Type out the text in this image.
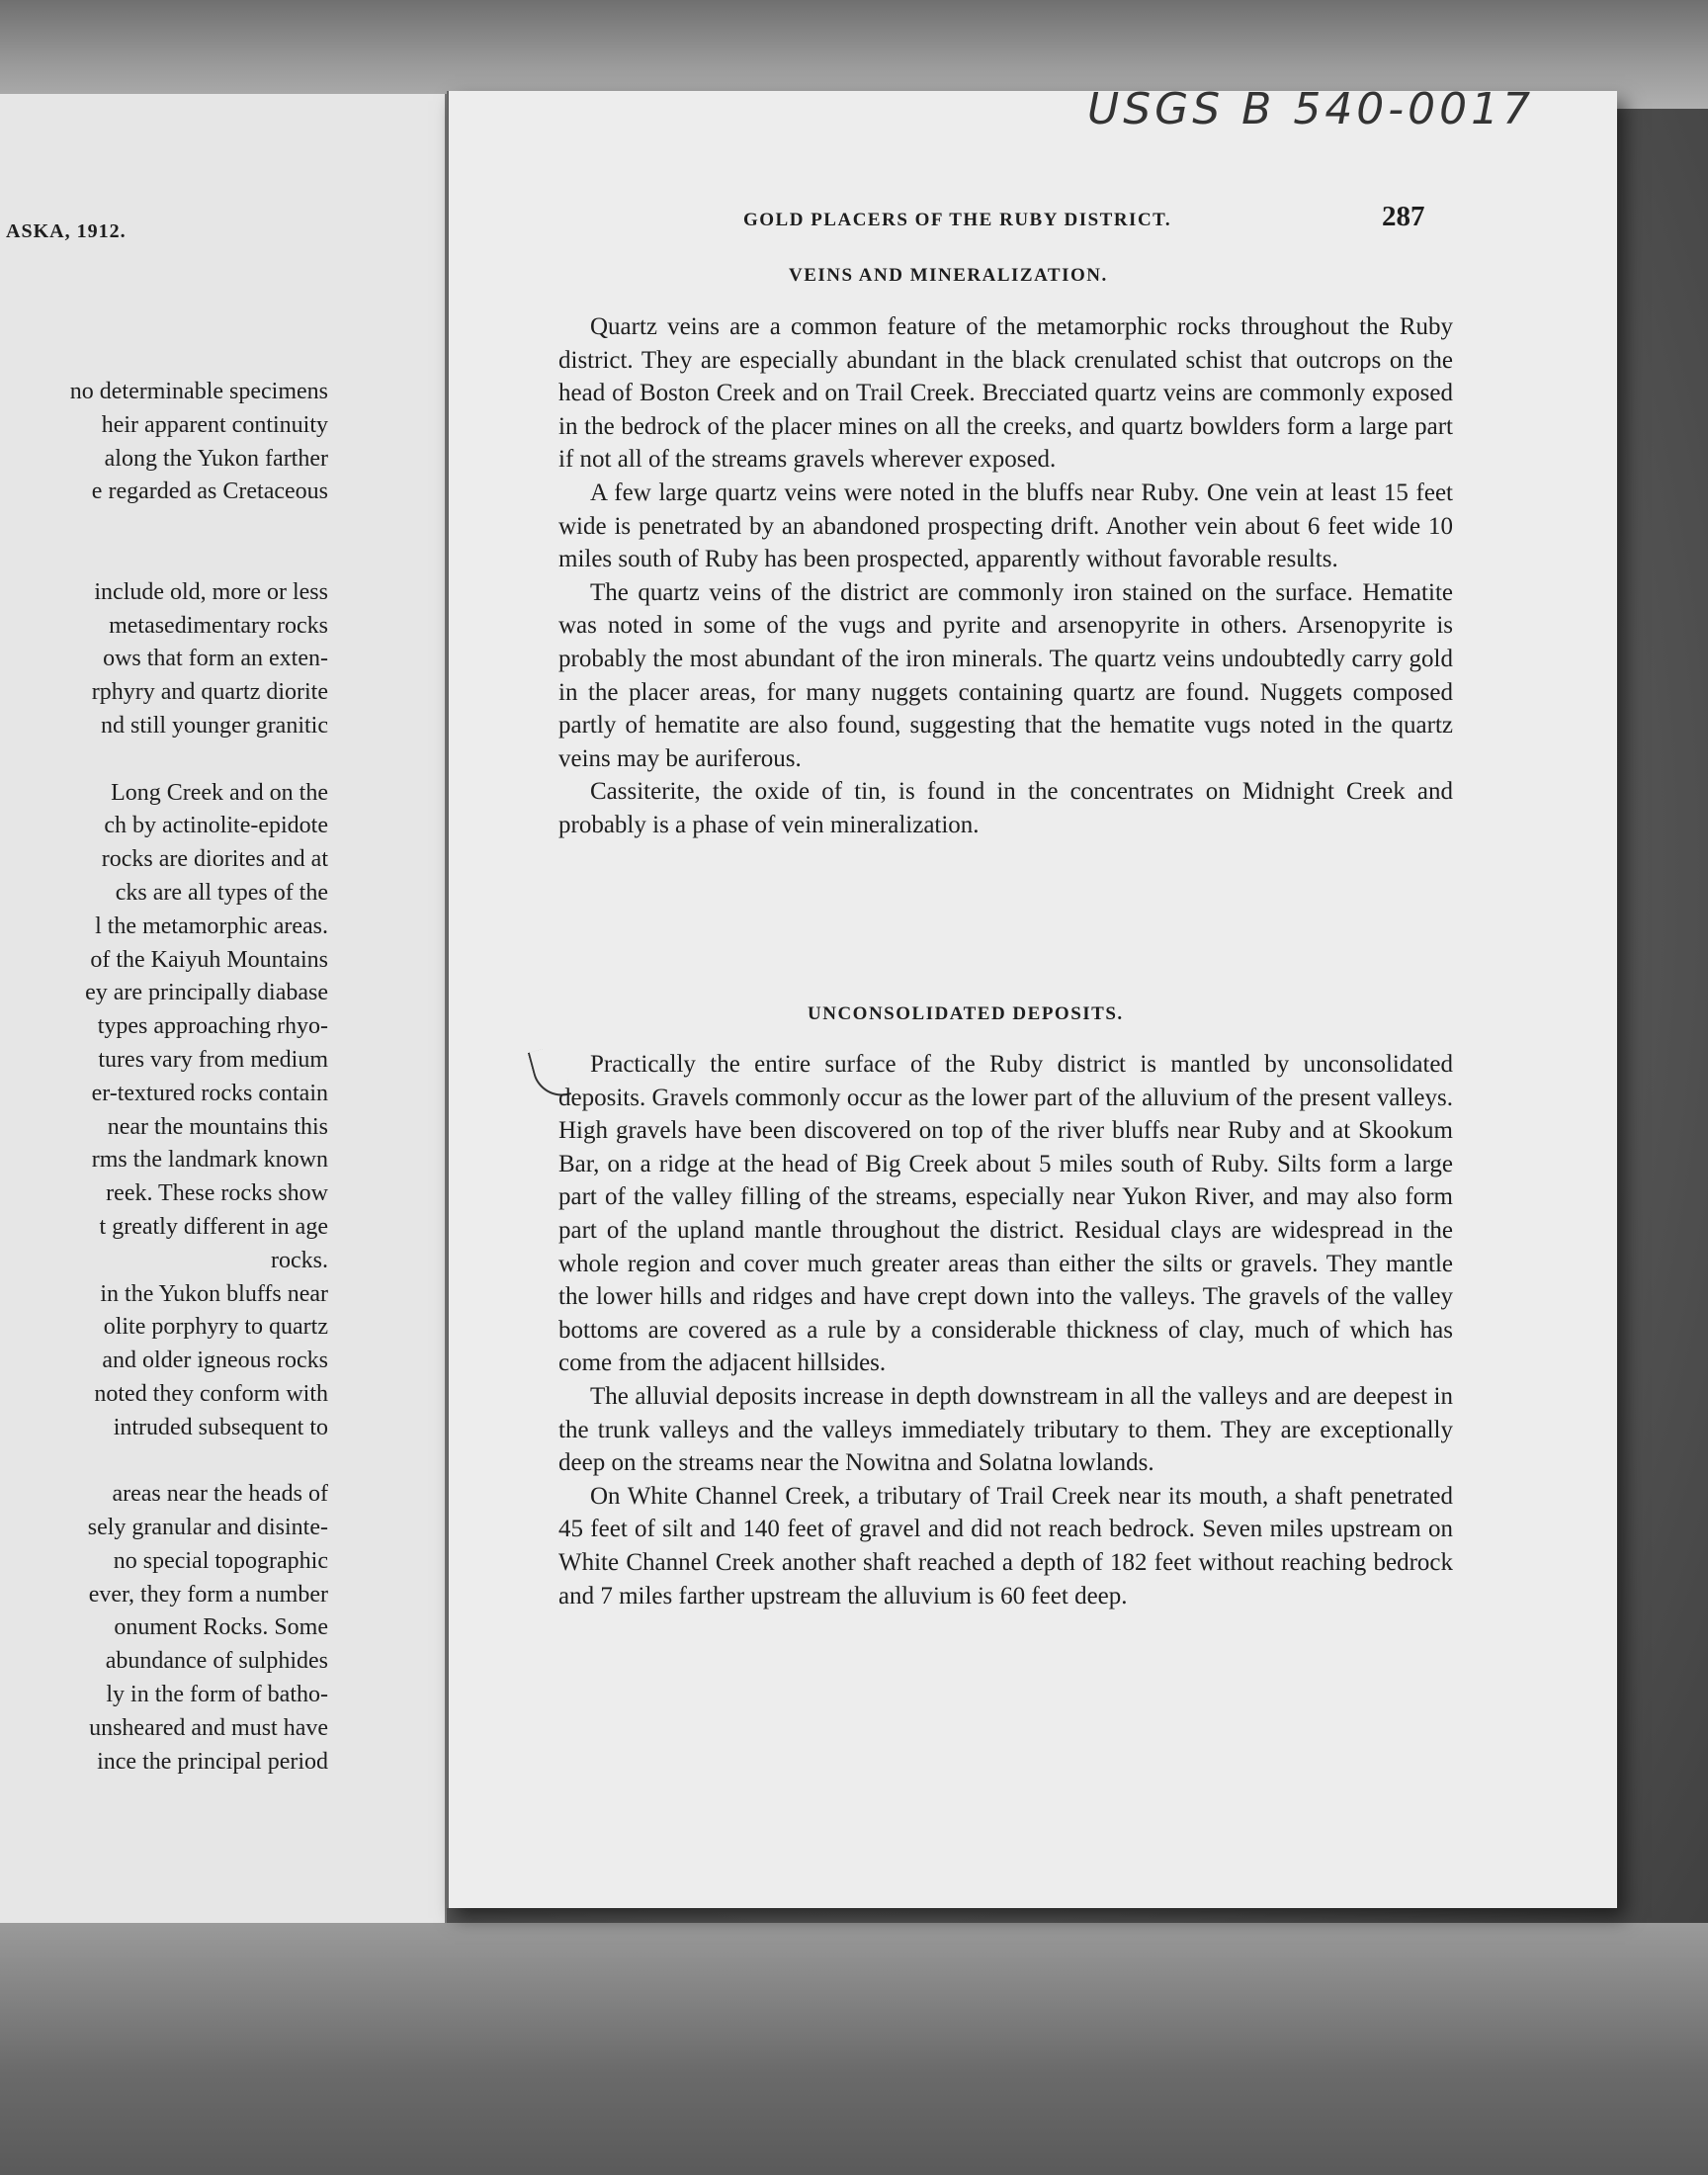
ASKA, 1912.
no determinable specimens
heir apparent continuity
along the Yukon farther
e regarded as Cretaceous
include old, more or less
metasedimentary rocks
ows that form an exten-
rphyry and quartz diorite
nd still younger granitic
Long Creek and on the
ch by actinolite-epidote
rocks are diorites and at
cks are all types of the
l the metamorphic areas.
of the Kaiyuh Mountains
ey are principally diabase
types approaching rhyo-
tures vary from medium
er-textured rocks contain
near the mountains this
rms the landmark known
reek. These rocks show
t greatly different in age
rocks.
in the Yukon bluffs near
olite porphyry to quartz
and older igneous rocks
noted they conform with
intruded subsequent to
areas near the heads of
sely granular and disinte-
no special topographic
ever, they form a number
onument Rocks. Some
abundance of sulphides
ly in the form of batho-
unsheared and must have
ince the principal period
USGS B 540-0017
GOLD PLACERS OF THE RUBY DISTRICT.	287
VEINS AND MINERALIZATION.

Quartz veins are a common feature of the metamorphic rocks throughout the Ruby district. They are especially abundant in the black crenulated schist that outcrops on the head of Boston Creek and on Trail Creek. Brecciated quartz veins are commonly exposed in the bedrock of the placer mines on all the creeks, and quartz bowlders form a large part if not all of the streams gravels wherever exposed.

A few large quartz veins were noted in the bluffs near Ruby. One vein at least 15 feet wide is penetrated by an abandoned prospecting drift. Another vein about 6 feet wide 10 miles south of Ruby has been prospected, apparently without favorable results.

The quartz veins of the district are commonly iron stained on the surface. Hematite was noted in some of the vugs and pyrite and arsenopyrite in others. Arsenopyrite is probably the most abundant of the iron minerals. The quartz veins undoubtedly carry gold in the placer areas, for many nuggets containing quartz are found. Nuggets composed partly of hematite are also found, suggesting that the hematite vugs noted in the quartz veins may be auriferous.

Cassiterite, the oxide of tin, is found in the concentrates on Midnight Creek and probably is a phase of vein mineralization.

UNCONSOLIDATED DEPOSITS.

Practically the entire surface of the Ruby district is mantled by unconsolidated deposits. Gravels commonly occur as the lower part of the alluvium of the present valleys. High gravels have been discovered on top of the river bluffs near Ruby and at Skookum Bar, on a ridge at the head of Big Creek about 5 miles south of Ruby. Silts form a large part of the valley filling of the streams, especially near Yukon River, and may also form part of the upland mantle throughout the district. Residual clays are widespread in the whole region and cover much greater areas than either the silts or gravels. They mantle the lower hills and ridges and have crept down into the valleys. The gravels of the valley bottoms are covered as a rule by a considerable thickness of clay, much of which has come from the adjacent hillsides.

The alluvial deposits increase in depth downstream in all the valleys and are deepest in the trunk valleys and the valleys immediately tributary to them. They are exceptionally deep on the streams near the Nowitna and Solatna lowlands.

On White Channel Creek, a tributary of Trail Creek near its mouth, a shaft penetrated 45 feet of silt and 140 feet of gravel and did not reach bedrock. Seven miles upstream on White Channel Creek another shaft reached a depth of 182 feet without reaching bedrock and 7 miles farther upstream the alluvium is 60 feet deep.
